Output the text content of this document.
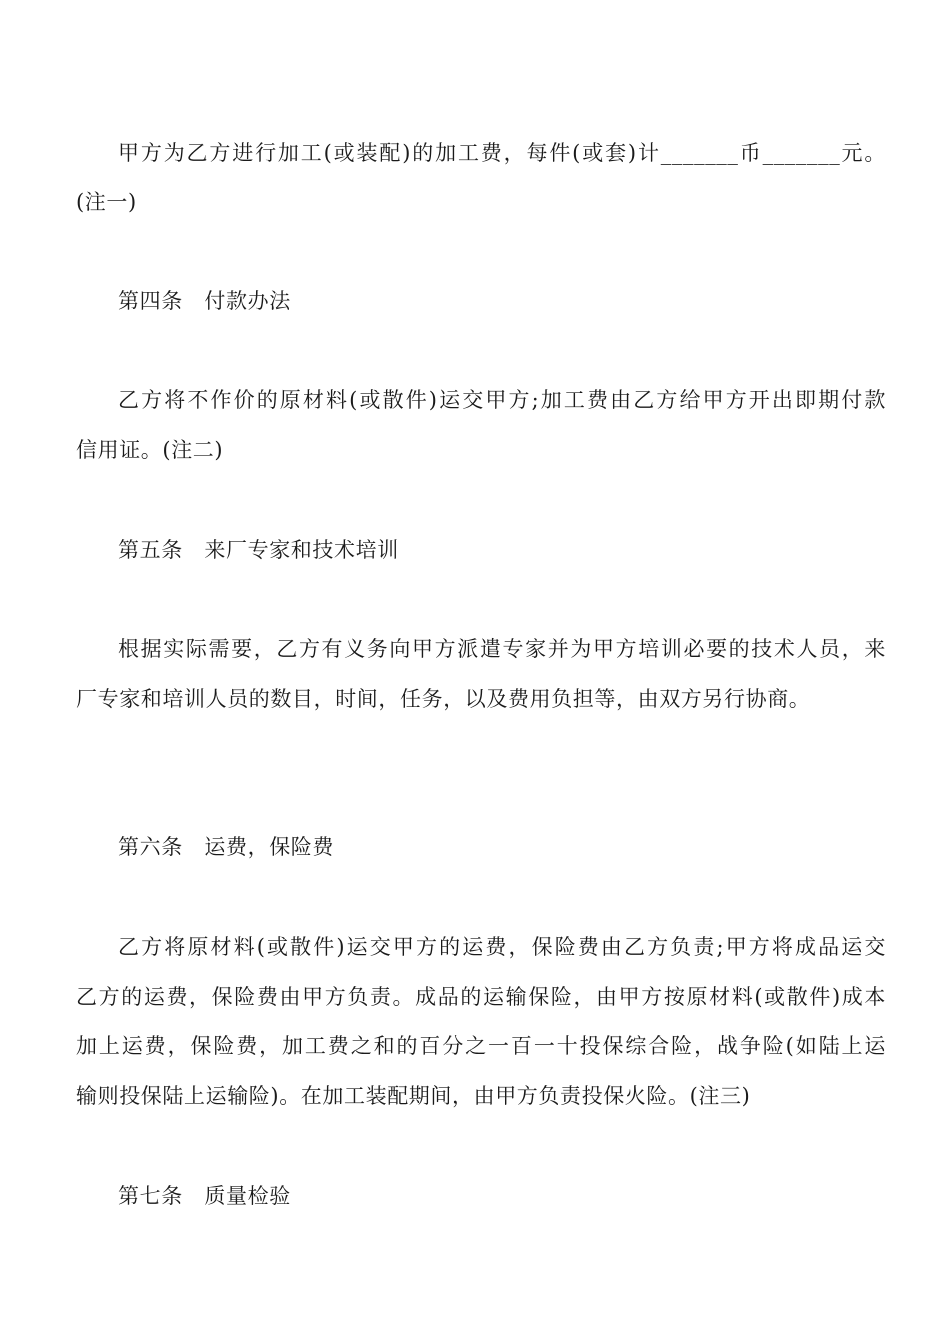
甲方为乙方进行加工(或装配)的加工费，每件(或套)计_______币_______元。
(注一)
第四条　付款办法
乙方将不作价的原材料(或散件)运交甲方;加工费由乙方给甲方开出即期付款
信用证。(注二)
第五条　来厂专家和技术培训
根据实际需要，乙方有义务向甲方派遣专家并为甲方培训必要的技术人员，来
厂专家和培训人员的数目，时间，任务，以及费用负担等，由双方另行协商。
第六条　运费，保险费
乙方将原材料(或散件)运交甲方的运费，保险费由乙方负责;甲方将成品运交
乙方的运费，保险费由甲方负责。成品的运输保险，由甲方按原材料(或散件)成本
加上运费，保险费，加工费之和的百分之一百一十投保综合险，战争险(如陆上运
输则投保陆上运输险)。在加工装配期间，由甲方负责投保火险。(注三)
第七条　质量检验
